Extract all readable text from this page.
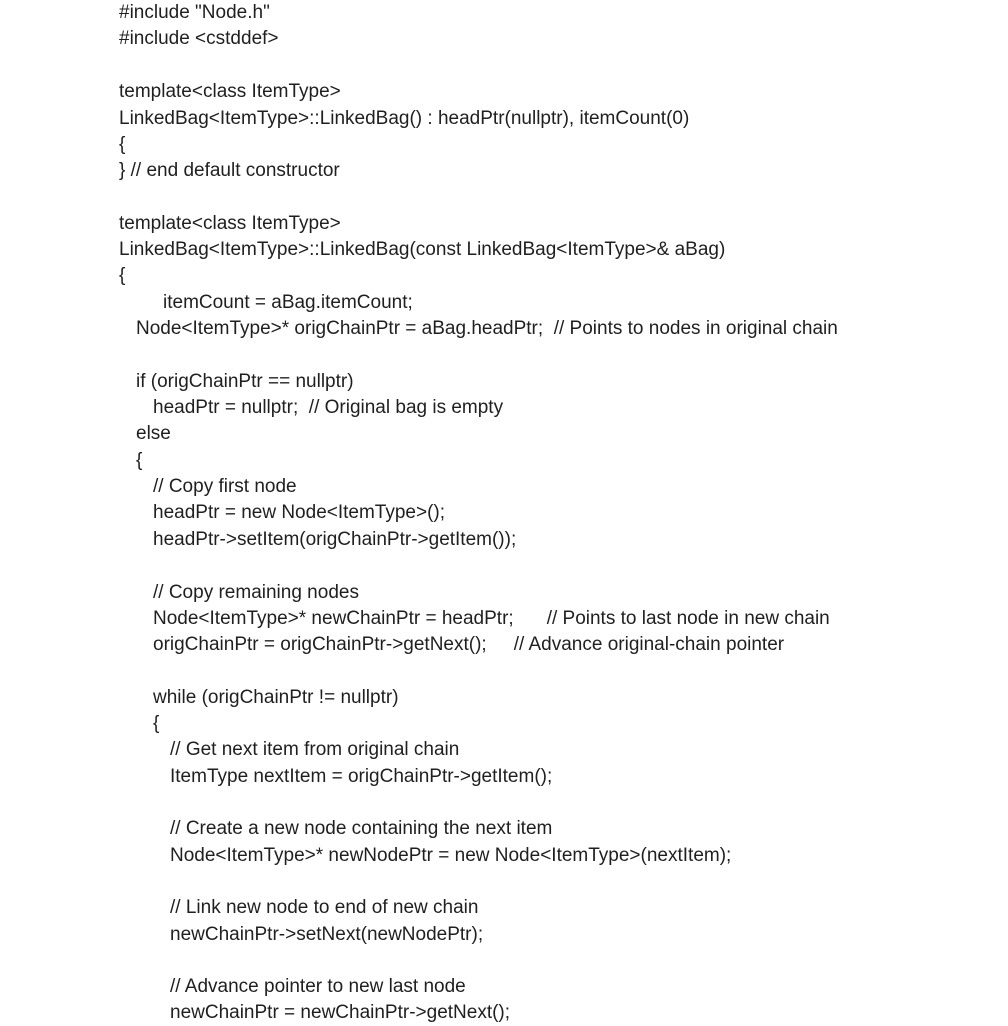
#include "Node.h"
#include <cstddef>
template<class ItemType>
LinkedBag<ItemType>::LinkedBag() : headPtr(nullptr), itemCount(0)
{
} // end default constructor
template<class ItemType>
LinkedBag<ItemType>::LinkedBag(const LinkedBag<ItemType>& aBag)
{
itemCount = aBag.itemCount;
Node<ItemType>* origChainPtr = aBag.headPtr;  // Points to nodes in original chain
if (origChainPtr == nullptr)
headPtr = nullptr;  // Original bag is empty
else
{
// Copy first node
headPtr = new Node<ItemType>();
headPtr->setItem(origChainPtr->getItem());
// Copy remaining nodes
Node<ItemType>* newChainPtr = headPtr; // Points to last node in new chain
origChainPtr = origChainPtr->getNext(); // Advance original-chain pointer
while (origChainPtr != nullptr)
{
// Get next item from original chain
ItemType nextItem = origChainPtr->getItem();
// Create a new node containing the next item
Node<ItemType>* newNodePtr = new Node<ItemType>(nextItem);
// Link new node to end of new chain
newChainPtr->setNext(newNodePtr);
// Advance pointer to new last node
newChainPtr = newChainPtr->getNext();
